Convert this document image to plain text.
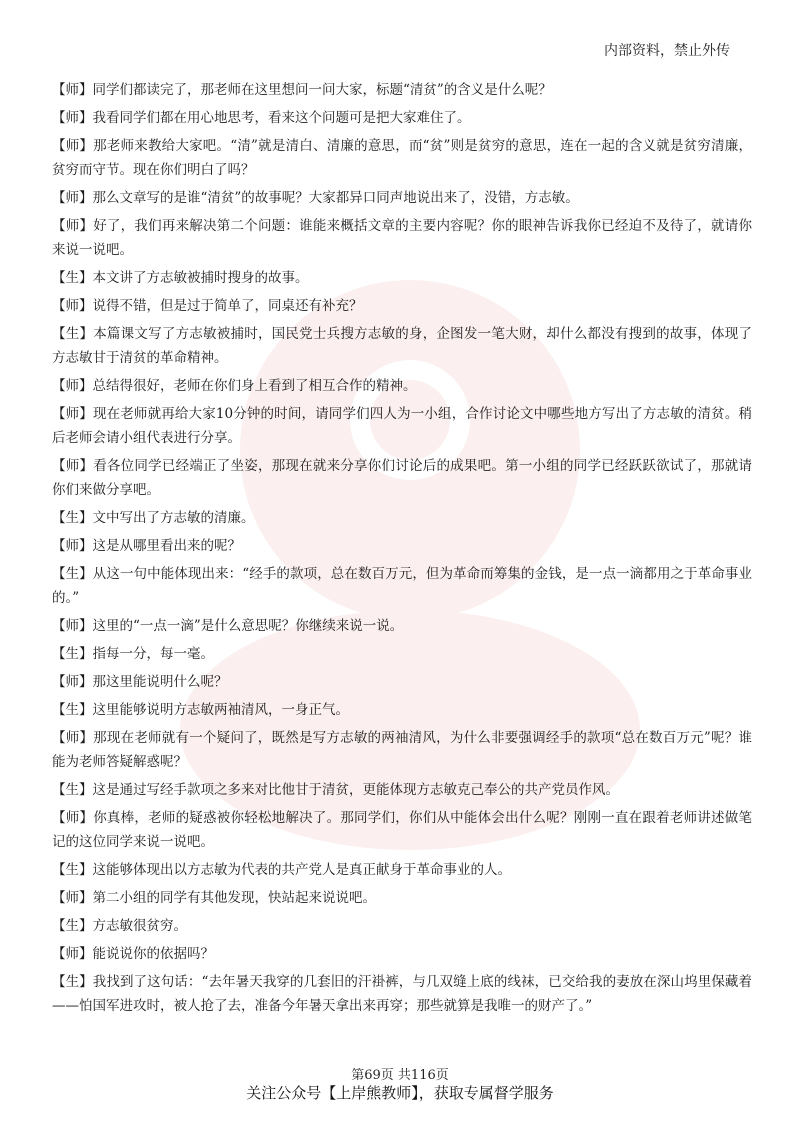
内部资料，禁止外传

【师】同学们都读完了，那老师在这里想问一问大家，标题“清贫”的含义是什么呢？

【师】我看同学们都在用心地思考，看来这个问题可是把大家难住了。

【师】那老师来教给大家吧。“清”就是清白、清廉的意思，而“贫”则是贫穷的意思，连在一起的含义就是贫穷清廉，贫穷而守节。现在你们明白了吗？

【师】那么文章写的是谁“清贫”的故事呢？大家都异口同声地说出来了，没错，方志敏。

【师】好了，我们再来解决第二个问题：谁能来概括文章的主要内容呢？你的眼神告诉我你已经迫不及待了，就请你来说一说吧。

【生】本文讲了方志敏被捕时搜身的故事。

【师】说得不错，但是过于简单了，同桌还有补充？

【生】本篇课文写了方志敏被捕时，国民党士兵搜方志敏的身，企图发一笔大财，却什么都没有搜到的故事，体现了方志敏甘于清贫的革命精神。

【师】总结得很好，老师在你们身上看到了相互合作的精神。

【师】现在老师就再给大家10分钟的时间，请同学们四人为一小组，合作讨论文中哪些地方写出了方志敏的清贫。稍后老师会请小组代表进行分享。

【师】看各位同学已经端正了坐姿，那现在就来分享你们讨论后的成果吧。第一小组的同学已经跃跃欲试了，那就请你们来做分享吧。

【生】文中写出了方志敏的清廉。

【师】这是从哪里看出来的呢？

【生】从这一句中能体现出来：“经手的款项，总在数百万元，但为革命而筹集的金钱，是一点一滴都用之于革命事业的。”

【师】这里的“一点一滴”是什么意思呢？你继续来说一说。

【生】指每一分，每一毫。

【师】那这里能说明什么呢？

【生】这里能够说明方志敏两袖清风，一身正气。

【师】那现在老师就有一个疑问了，既然是写方志敏的两袖清风，为什么非要强调经手的款项“总在数百万元”呢？谁能为老师答疑解惑呢？

【生】这是通过写经手款项之多来对比他甘于清贫，更能体现方志敏克己奉公的共产党员作风。

【师】你真棒，老师的疑惑被你轻松地解决了。那同学们，你们从中能体会出什么呢？刚刚一直在跟着老师讲述做笔记的这位同学来说一说吧。

【生】这能够体现出以方志敏为代表的共产党人是真正献身于革命事业的人。

【师】第二小组的同学有其他发现，快站起来说说吧。

【生】方志敏很贫穷。

【师】能说说你的依据吗？

【生】我找到了这句话：“去年暑天我穿的几套旧的汗褂裤，与几双缝上底的线袜，已交给我的妻放在深山坞里保藏着——怕国军进攻时，被人抢了去，准备今年暑天拿出来再穿；那些就算是我唯一的财产了。”

第69页 共116页
关注公众号【上岸熊教师】，获取专属督学服务
